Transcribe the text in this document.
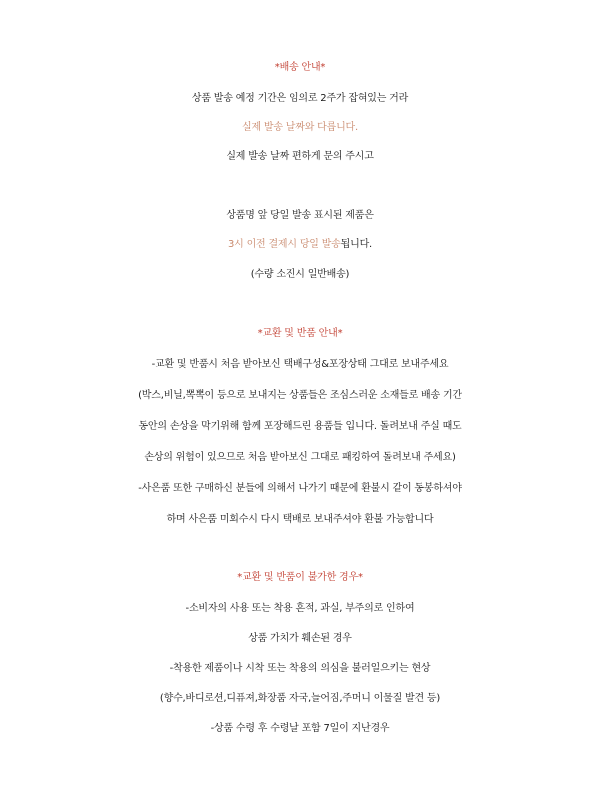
*배송 안내*
상품 발송 예정 기간은 임의로 2주가 잡혀있는 거라
실제 발송 날짜와 다릅니다.
실제 발송 날짜 편하게 문의 주시고
상품명 앞 당일 발송 표시된 제품은
3시 이전 결제시 당일 발송됩니다.
(수량 소진시 일반배송)
*교환 및 반품 안내*
-교환 및 반품시 처음 받아보신 택배구성&포장상태 그대로 보내주세요
(박스,비닐,뽁뽁이 등으로 보내지는 상품들은 조심스러운 소재들로 배송 기간
동안의 손상을 막기위해 함께 포장해드린 용품들 입니다. 돌려보내 주실 때도
손상의 위험이 있으므로 처음 받아보신 그대로 패킹하여 돌려보내 주세요)
-사은품 또한 구매하신 분들에 의해서 나가기 때문에 환불시 같이 동봉하셔야
하며 사은품 미회수시 다시 택배로 보내주셔야 환불 가능합니다
*교환 및 반품이 불가한 경우*
-소비자의 사용 또는 착용 흔적, 과실, 부주의로 인하여
상품 가치가 훼손된 경우
-착용한 제품이나 시착 또는 착용의 의심을 불러일으키는 현상
(향수,바디로션,디퓨져,화장품 자국,늘어짐,주머니 이물질 발견 등)
-상품 수령 후 수령날 포함 7일이 지난경우
